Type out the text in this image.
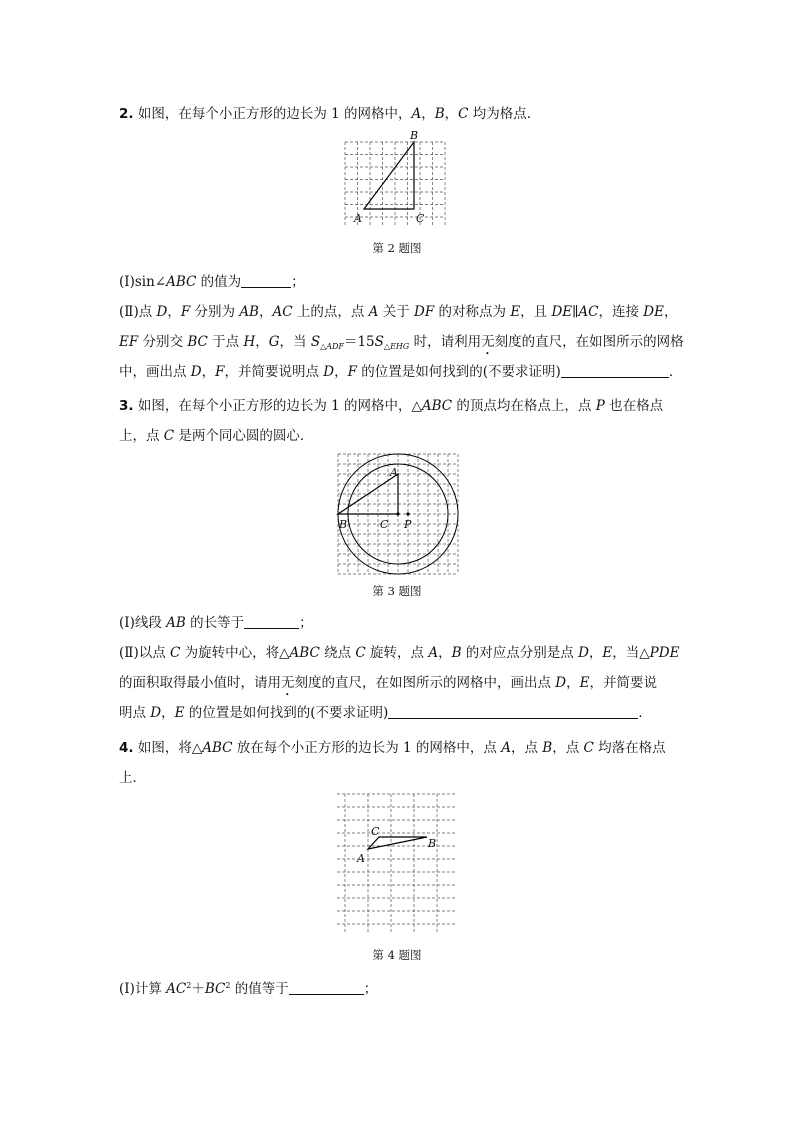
2. 如图，在每个小正方形的边长为 1 的网格中，A，B，C 均为格点．
B
A	C
第 2 题图
(Ⅰ)sin∠ABC 的值为	；
(Ⅱ)点 D，F 分别为 AB，AC 上的点，点 A 关于 DF 的对称点为 E，且 DE∥AC，连接 DE，
EF 分别交 BC 于点 H，G，当 $S_{\triangle ADF}=15S_{\triangle EHG}$ 时，请利用无刻度的直尺，在如图所示的网格
中，画出点 D，F，并简要说明点 D，F 的位置是如何找到的(不要求证明)	．
3. 如图，在每个小正方形的边长为 1 的网格中，△ABC 的顶点均在格点上，点 P 也在格点
上，点 C 是两个同心圆的圆心．
A
B	C P
第 3 题图
(Ⅰ)线段 AB 的长等于	；
(Ⅱ)以点 C 为旋转中心，将△ABC 绕点 C 旋转，点 A，B 的对应点分别是点 D，E，当△PDE
的面积取得最小值时，请用无刻度的直尺，在如图所示的网格中，画出点 D，E，并简要说
明点 D，E 的位置是如何找到的(不要求证明)	．
4. 如图，将△ABC 放在每个小正方形的边长为 1 的网格中，点 A，点 B，点 C 均落在格点
上．
C
A
B
第 4 题图
(Ⅰ)计算 $AC^2+BC^2$ 的值等于	；
